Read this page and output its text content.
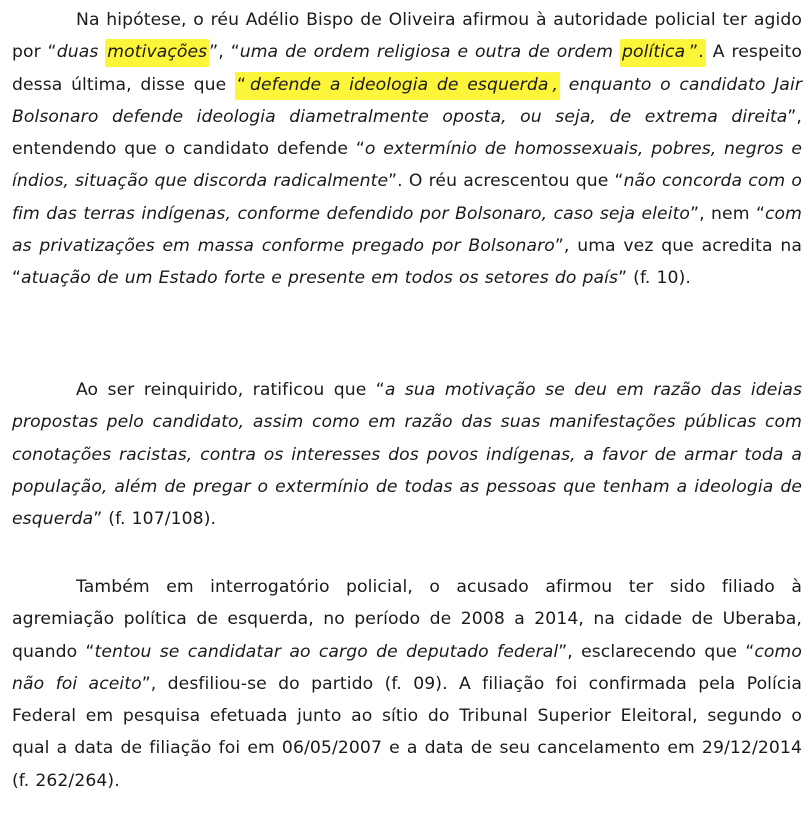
Na hipótese, o réu Adélio Bispo de Oliveira afirmou à autoridade policial ter agido por “duas motivações ”, “uma de ordem religiosa e outra de ordem política ”. A respeito dessa última, disse que “ defende a ideologia de esquerda , enquanto o candidato Jair Bolsonaro defende ideologia diametralmente oposta, ou seja, de extrema direita”, entendendo que o candidato defende “o extermínio de homossexuais, pobres, negros e índios, situação que discorda radicalmente”. O réu acrescentou que “não concorda com o fim das terras indígenas, conforme defendido por Bolsonaro, caso seja eleito”, nem “com as privatizações em massa conforme pregado por Bolsonaro”, uma vez que acredita na “atuação de um Estado forte e presente em todos os setores do país” (f. 10).

Ao ser reinquirido, ratificou que “a sua motivação se deu em razão das ideias propostas pelo candidato, assim como em razão das suas manifestações públicas com conotações racistas, contra os interesses dos povos indígenas, a favor de armar toda a população, além de pregar o extermínio de todas as pessoas que tenham a ideologia de esquerda” (f. 107/108).

Também em interrogatório policial, o acusado afirmou ter sido filiado à agremiação política de esquerda, no período de 2008 a 2014, na cidade de Uberaba, quando “tentou se candidatar ao cargo de deputado federal”, esclarecendo que “como não foi aceito”, desfiliou-se do partido (f. 09). A filiação foi confirmada pela Polícia Federal em pesquisa efetuada junto ao sítio do Tribunal Superior Eleitoral, segundo o qual a data de filiação foi em 06/05/2007 e a data de seu cancelamento em 29/12/2014 (f. 262/264).
